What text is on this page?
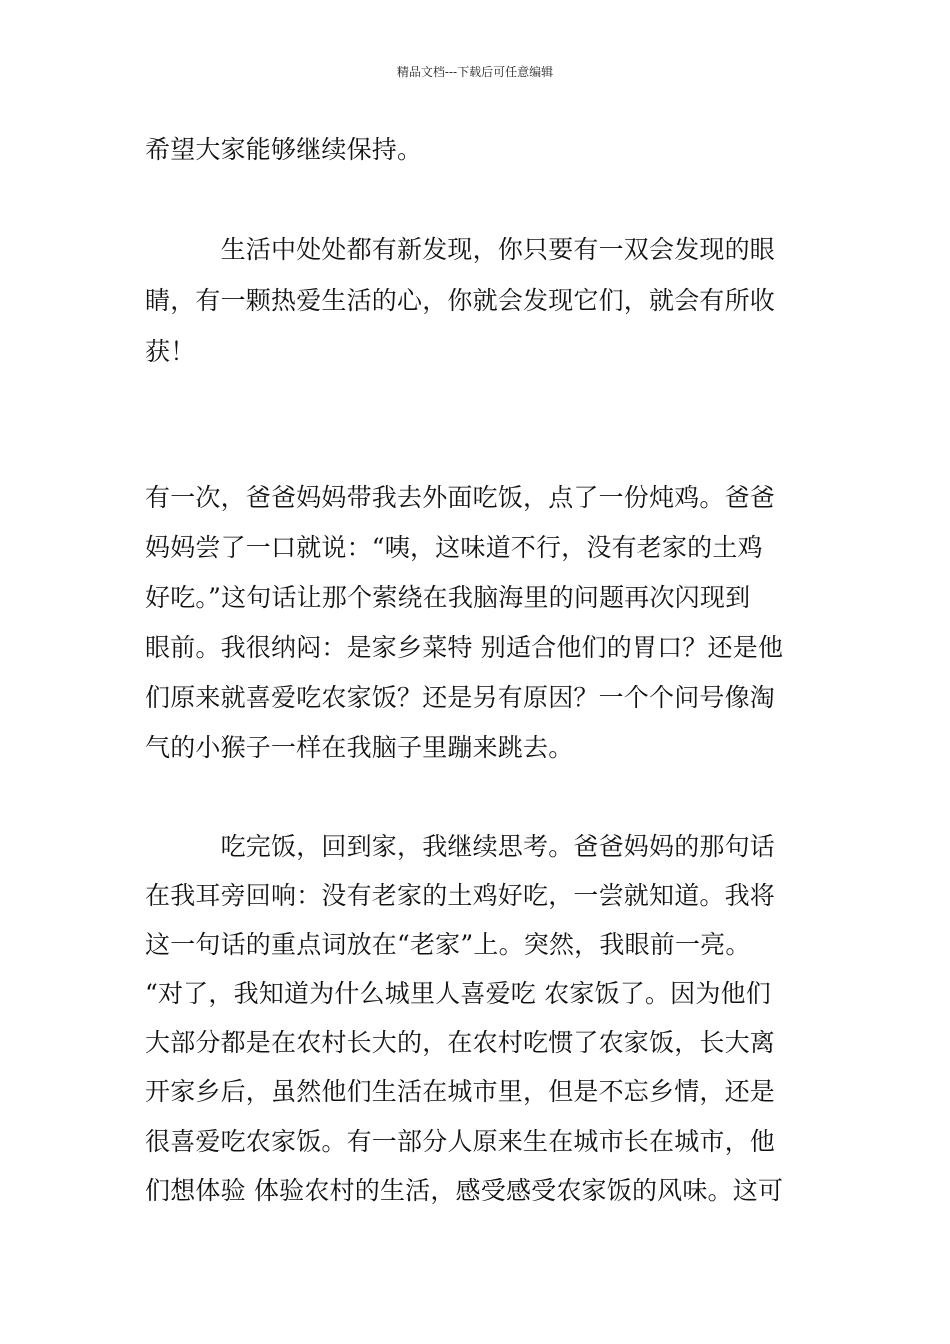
精品文档---下载后可任意编辑
希望大家能够继续保持。
　　　生活中处处都有新发现，你只要有一双会发现的眼
睛，有一颗热爱生活的心，你就会发现它们，就会有所收
获！
有一次，爸爸妈妈带我去外面吃饭，点了一份炖鸡。爸爸
妈妈尝了一口就说：“咦，这味道不行，没有老家的土鸡
好吃。”这句话让那个萦绕在我脑海里的问题再次闪现到
眼前。我很纳闷：是家乡菜特 别适合他们的胃口？还是他
们原来就喜爱吃农家饭？还是另有原因？一个个问号像淘
气的小猴子一样在我脑子里蹦来跳去。
　　　吃完饭，回到家，我继续思考。爸爸妈妈的那句话
在我耳旁回响：没有老家的土鸡好吃，一尝就知道。我将
这一句话的重点词放在“老家”上。突然，我眼前一亮。
“对了，我知道为什么城里人喜爱吃 农家饭了。因为他们
大部分都是在农村长大的，在农村吃惯了农家饭，长大离
开家乡后，虽然他们生活在城市里，但是不忘乡情，还是
很喜爱吃农家饭。有一部分人原来生在城市长在城市，他
们想体验 体验农村的生活，感受感受农家饭的风味。这可
